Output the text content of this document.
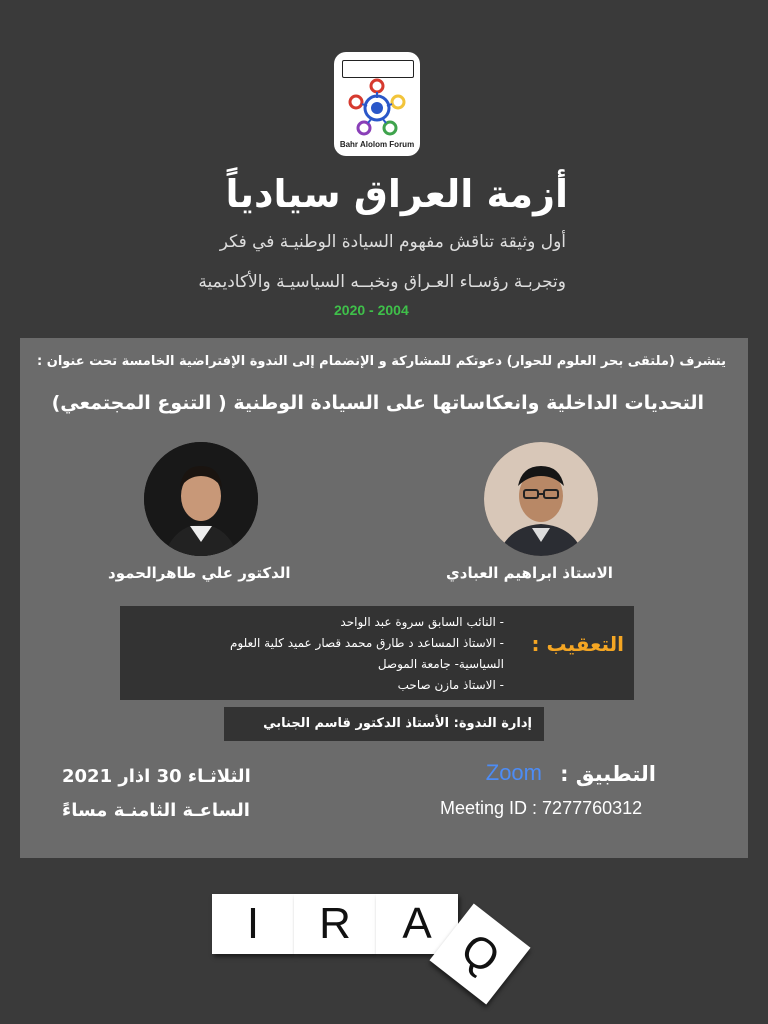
Bahr Alolom Forum
أزمة العراق سيادياً
أول وثيقة تناقش مفهوم السيادة الوطنيـة في فكر
وتجربـة رؤسـاء العـراق ونخبــه السياسيـة والأكاديمية
2020 - 2004
يتشرف (ملتقى بحر العلوم للحوار) دعوتكم للمشاركة و الإنضمام إلى الندوة الإفتراضية الخامسة تحت عنوان :
التحديات الداخلية وانعكاساتها على السيادة الوطنية ( التنوع المجتمعي)
الدكتور علي طاهرالحمود	الاستاذ ابراهيم العبادي
التعقيب :
- النائب السابق سروة عبد الواحد
- الاستاذ المساعد د طارق محمد قصار عميد كلية العلوم
السياسية- جامعة الموصل
- الاستاذ مازن صاحب
إدارة الندوة: الأستاذ الدكتور قاسم الجنابي
الثلاثـاء 30 اذار 2021
الساعـة الثامنـة مساءً
التطبيق :
Zoom
Meeting ID : 7277760312
I	R	A
Q
